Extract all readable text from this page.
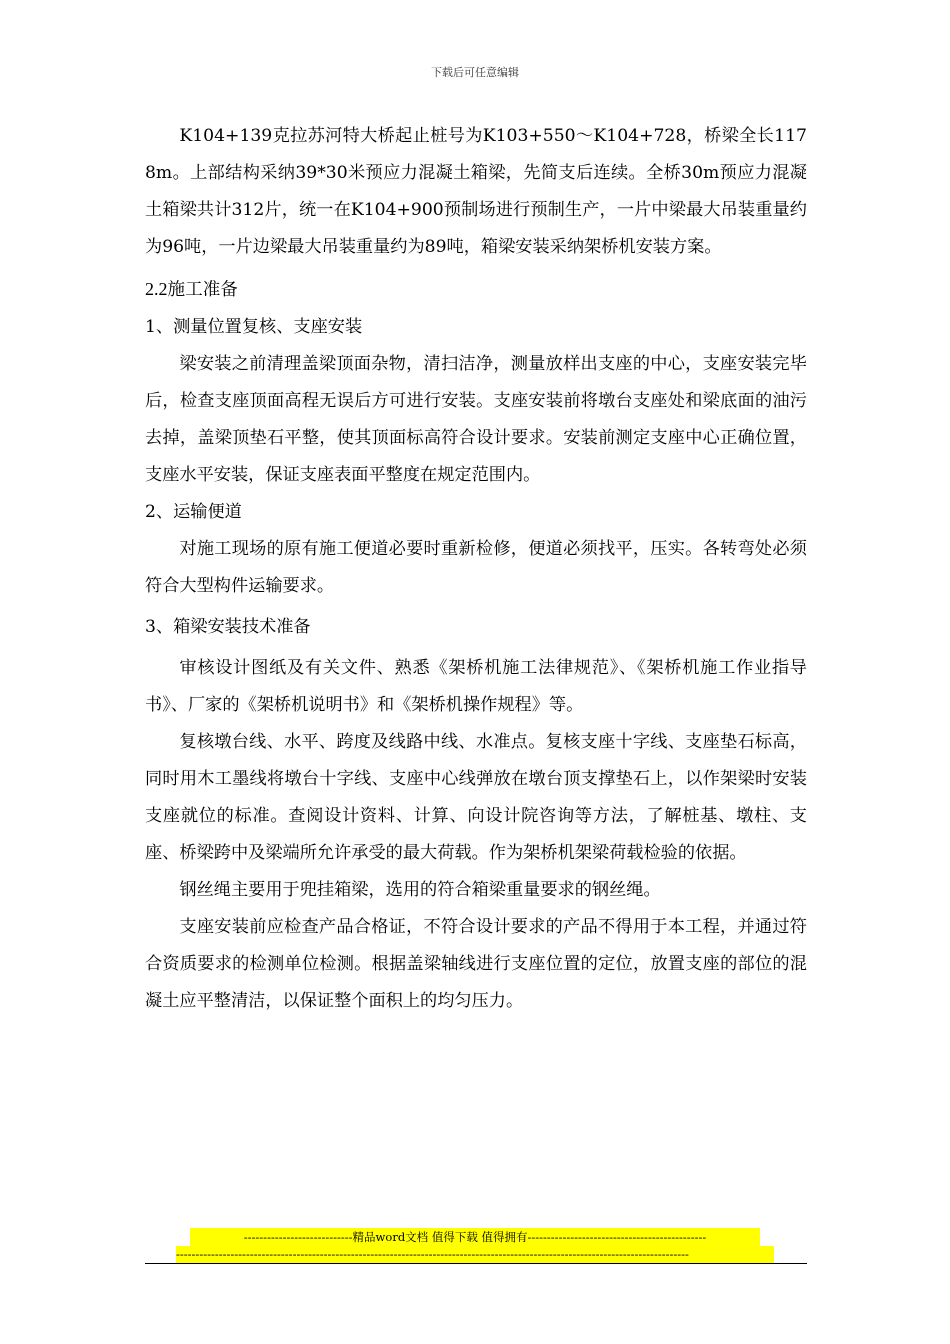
下载后可任意编辑

K104+139克拉苏河特大桥起止桩号为K103+550～K104+728，桥梁全长1178m。上部结构采纳39*30米预应力混凝土箱梁，先简支后连续。全桥30m预应力混凝土箱梁共计312片，统一在K104+900预制场进行预制生产，一片中梁最大吊装重量约为96吨，一片边梁最大吊装重量约为89吨，箱梁安装采纳架桥机安装方案。

2.2施工准备

1、测量位置复核、支座安装

梁安装之前清理盖梁顶面杂物，清扫洁净，测量放样出支座的中心，支座安装完毕后，检查支座顶面高程无误后方可进行安装。支座安装前将墩台支座处和梁底面的油污去掉，盖梁顶垫石平整，使其顶面标高符合设计要求。安装前测定支座中心正确位置，支座水平安装，保证支座表面平整度在规定范围内。

2、运输便道

对施工现场的原有施工便道必要时重新检修，便道必须找平，压实。各转弯处必须符合大型构件运输要求。

3、箱梁安装技术准备

审核设计图纸及有关文件、熟悉《架桥机施工法律规范》、《架桥机施工作业指导书》、厂家的《架桥机说明书》和《架桥机操作规程》等。

复核墩台线、水平、跨度及线路中线、水准点。复核支座十字线、支座垫石标高，同时用木工墨线将墩台十字线、支座中心线弹放在墩台顶支撑垫石上，以作架梁时安装支座就位的标准。查阅设计资料、计算、向设计院咨询等方法，了解桩基、墩柱、支座、桥梁跨中及梁端所允许承受的最大荷载。作为架桥机架梁荷载检验的依据。

钢丝绳主要用于兜挂箱梁，选用的符合箱梁重量要求的钢丝绳。

支座安装前应检查产品合格证，不符合设计要求的产品不得用于本工程，并通过符合资质要求的检测单位检测。根据盖梁轴线进行支座位置的定位，放置支座的部位的混凝土应平整清洁，以保证整个面积上的均匀压力。

----------------------------精品word文档 值得下载 值得拥有----------------------------------------------
------------------------------------------------------------------------------------------------------------------------------------
